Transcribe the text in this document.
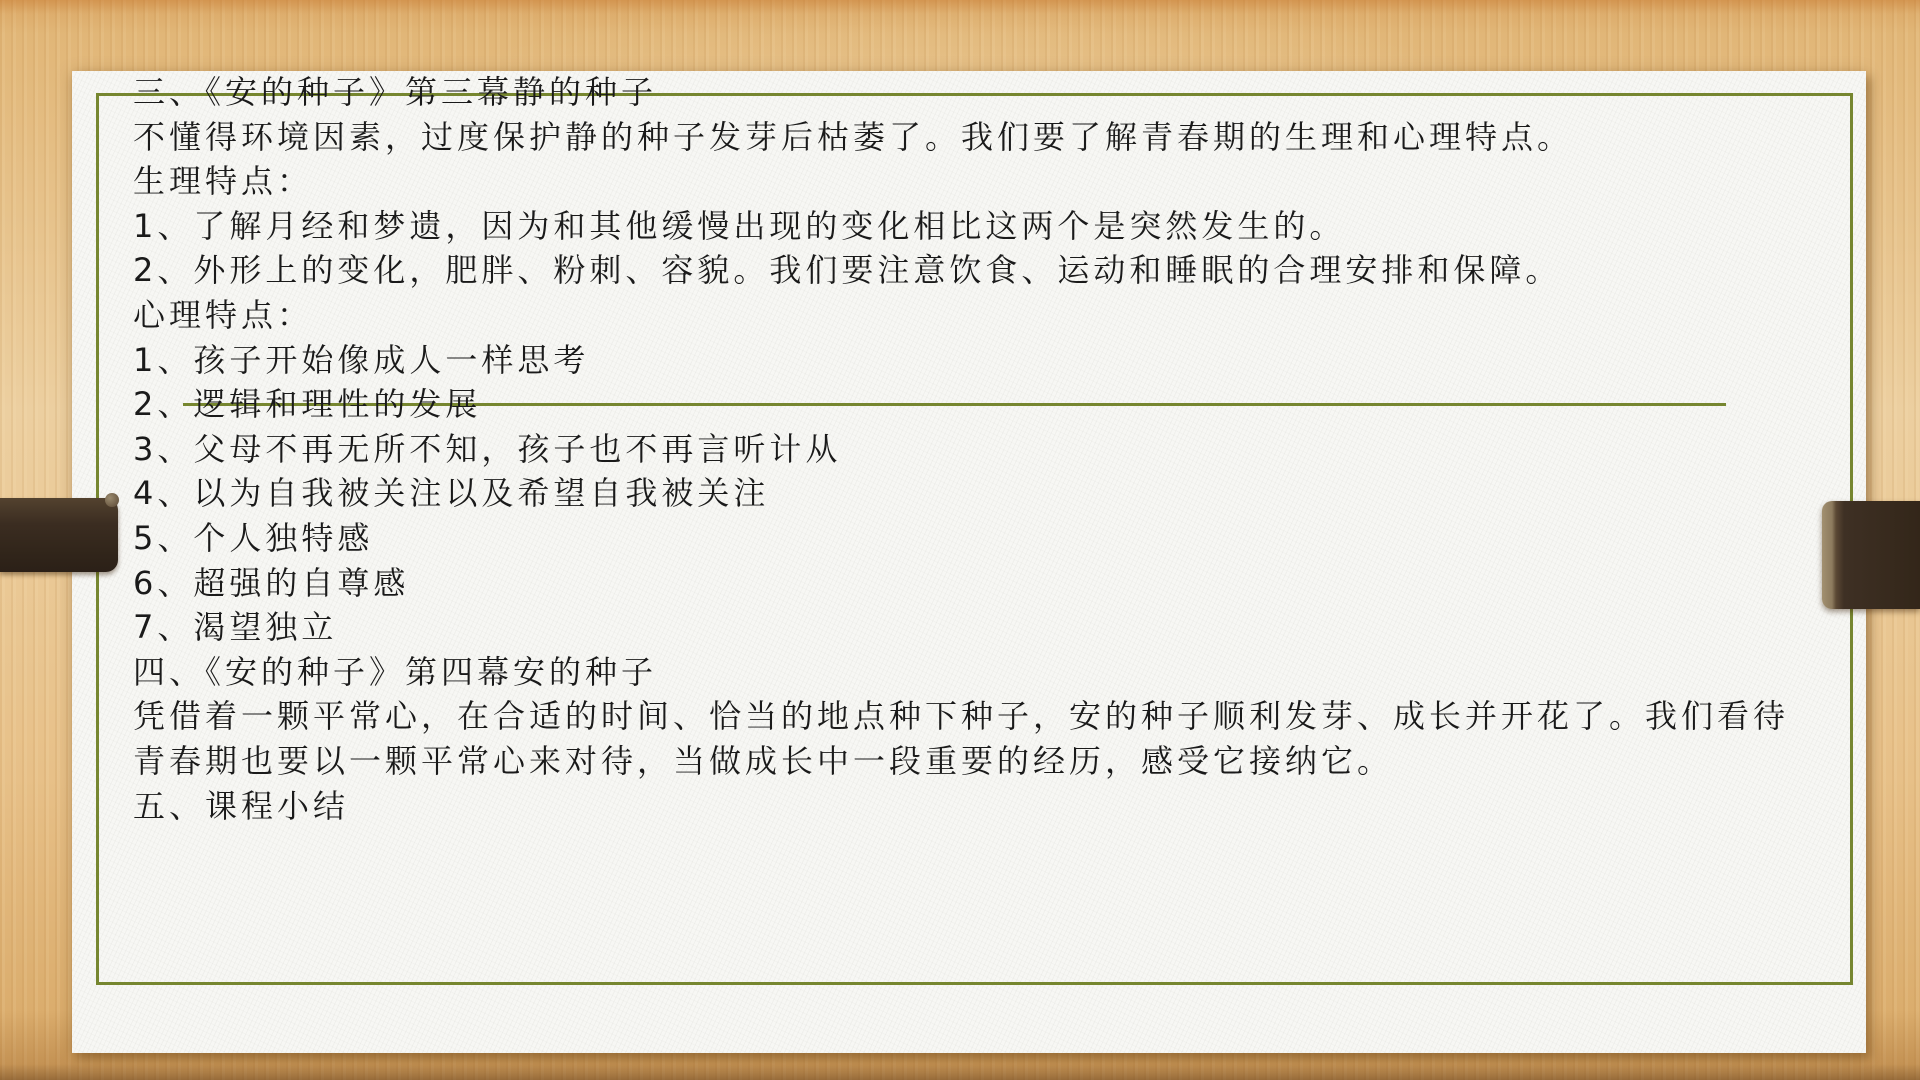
三、《安的种子》第三幕静的种子
不懂得环境因素，过度保护静的种子发芽后枯萎了。我们要了解青春期的生理和心理特点。
生理特点：
1、了解月经和梦遗，因为和其他缓慢出现的变化相比这两个是突然发生的。
2、外形上的变化，肥胖、粉刺、容貌。我们要注意饮食、运动和睡眠的合理安排和保障。
心理特点：
1、孩子开始像成人一样思考
2、逻辑和理性的发展
3、父母不再无所不知，孩子也不再言听计从
4、以为自我被关注以及希望自我被关注
5、个人独特感
6、超强的自尊感
7、渴望独立
四、《安的种子》第四幕安的种子
凭借着一颗平常心，在合适的时间、恰当的地点种下种子，安的种子顺利发芽、成长并开花了。我们看待
青春期也要以一颗平常心来对待，当做成长中一段重要的经历，感受它接纳它。
五、课程小结
